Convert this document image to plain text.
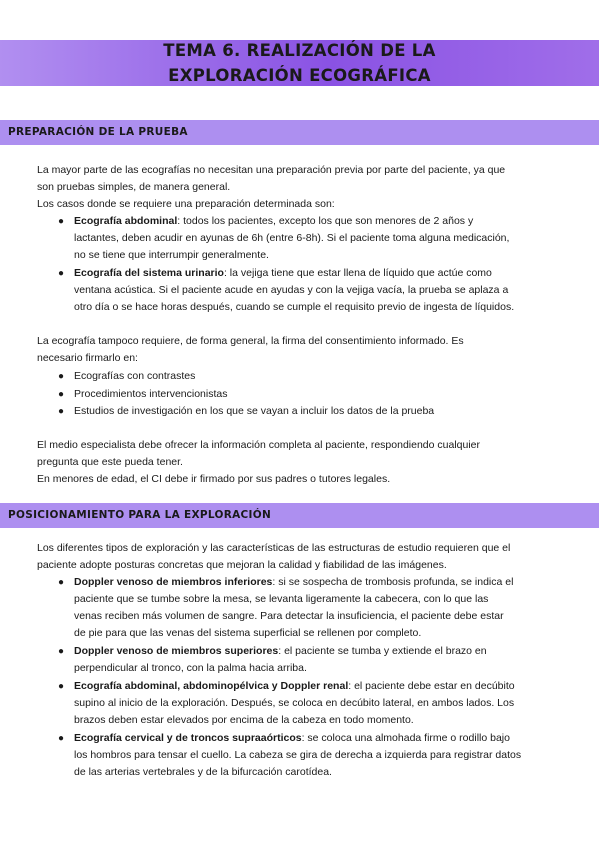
TEMA 6. REALIZACIÓN DE LA
EXPLORACIÓN ECOGRÁFICA
PREPARACIÓN DE LA PRUEBA
La mayor parte de las ecografías no necesitan una preparación previa por parte del paciente, ya que
son pruebas simples, de manera general.
Los casos donde se requiere una preparación determinada son:
● Ecografía abdominal: todos los pacientes, excepto los que son menores de 2 años y
lactantes, deben acudir en ayunas de 6h (entre 6-8h). Si el paciente toma alguna medicación,
no se tiene que interrumpir generalmente.
● Ecografía del sistema urinario: la vejiga tiene que estar llena de líquido que actúe como
ventana acústica. Si el paciente acude en ayudas y con la vejiga vacía, la prueba se aplaza a
otro día o se hace horas después, cuando se cumple el requisito previo de ingesta de líquidos.
La ecografía tampoco requiere, de forma general, la firma del consentimiento informado. Es
necesario firmarlo en:
● Ecografías con contrastes
● Procedimientos intervencionistas
● Estudios de investigación en los que se vayan a incluir los datos de la prueba
El medio especialista debe ofrecer la información completa al paciente, respondiendo cualquier
pregunta que este pueda tener.
En menores de edad, el CI debe ir firmado por sus padres o tutores legales.
POSICIONAMIENTO PARA LA EXPLORACIÓN
Los diferentes tipos de exploración y las características de las estructuras de estudio requieren que el
paciente adopte posturas concretas que mejoran la calidad y fiabilidad de las imágenes.
● Doppler venoso de miembros inferiores: si se sospecha de trombosis profunda, se indica el
paciente que se tumbe sobre la mesa, se levanta ligeramente la cabecera, con lo que las
venas reciben más volumen de sangre. Para detectar la insuficiencia, el paciente debe estar
de pie para que las venas del sistema superficial se rellenen por completo.
● Doppler venoso de miembros superiores: el paciente se tumba y extiende el brazo en
perpendicular al tronco, con la palma hacia arriba.
● Ecografía abdominal, abdominopélvica y Doppler renal: el paciente debe estar en decúbito
supino al inicio de la exploración. Después, se coloca en decúbito lateral, en ambos lados. Los
brazos deben estar elevados por encima de la cabeza en todo momento.
● Ecografía cervical y de troncos supraaórticos: se coloca una almohada firme o rodillo bajo
los hombros para tensar el cuello. La cabeza se gira de derecha a izquierda para registrar datos
de las arterias vertebrales y de la bifurcación carotídea.
